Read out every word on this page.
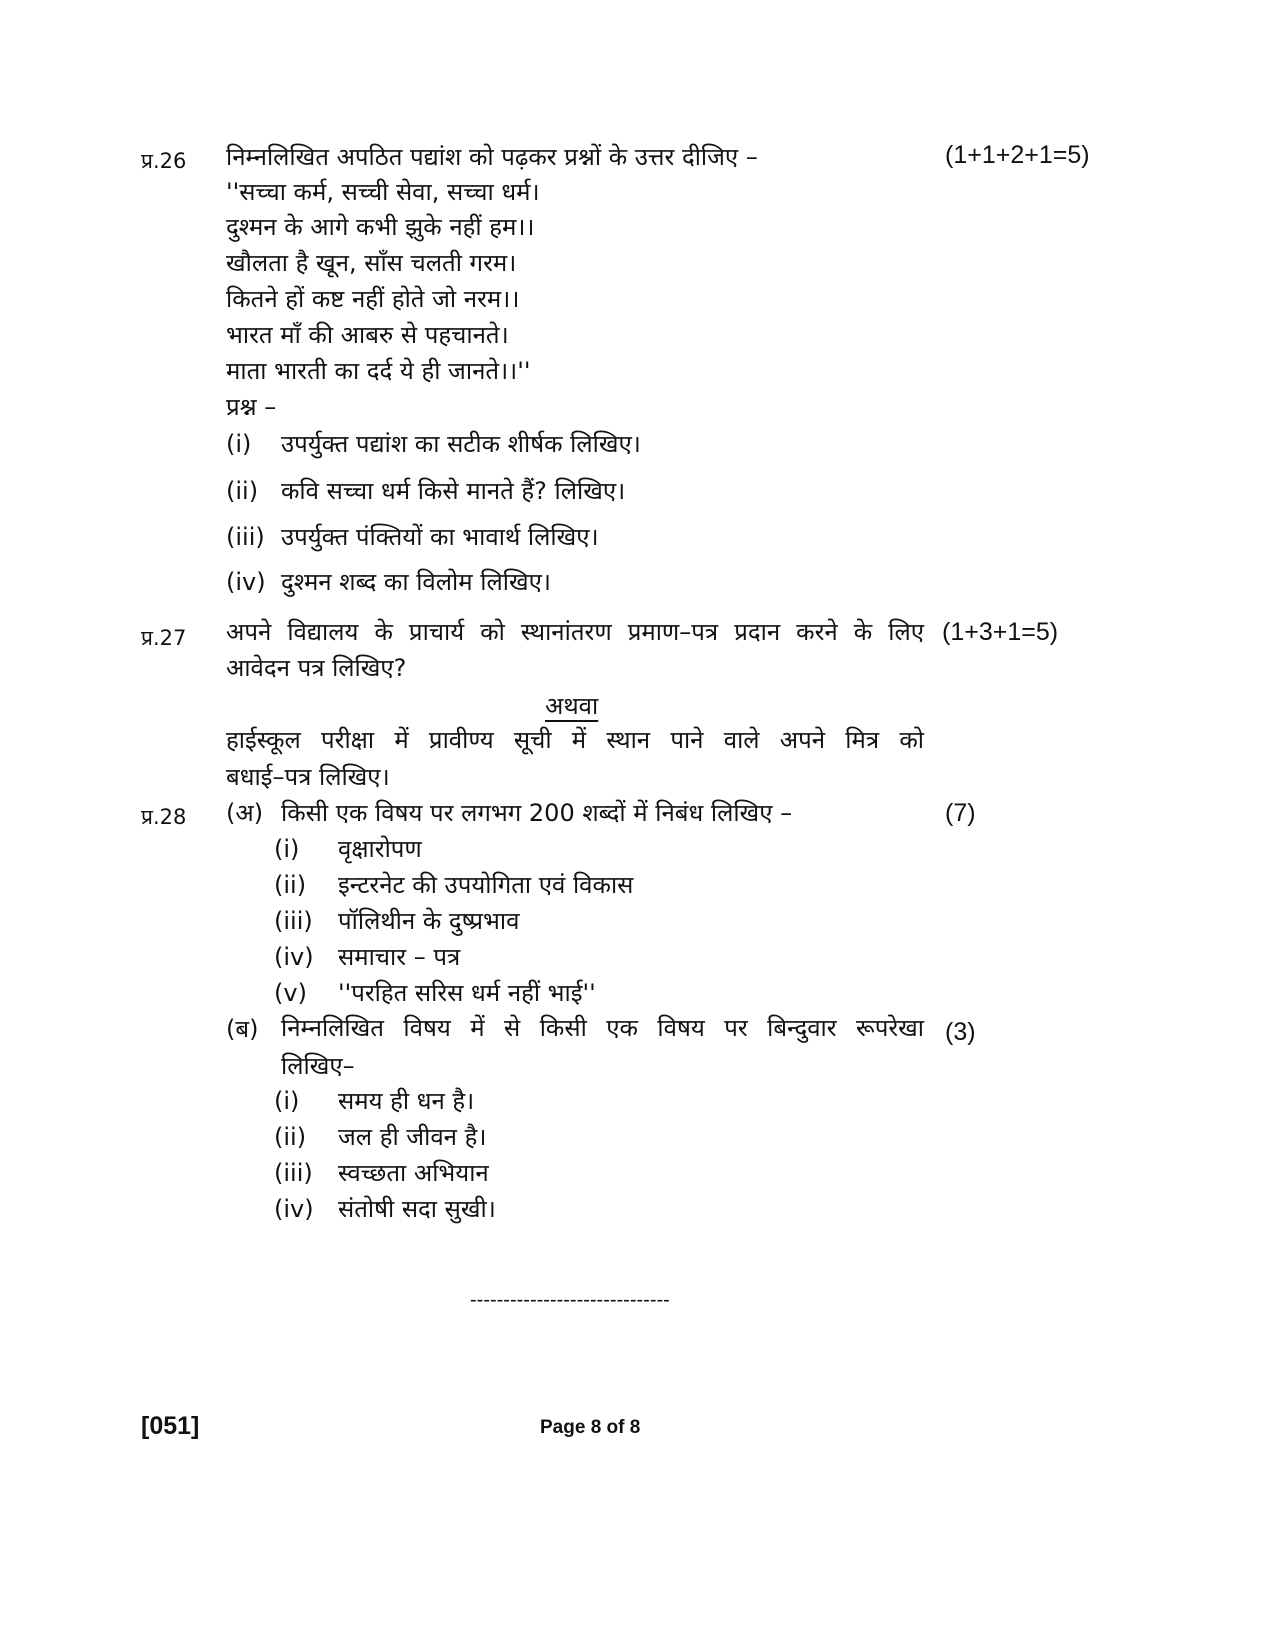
प्र.26 निम्नलिखित अपठित पद्यांश को पढ़कर प्रश्नों के उत्तर दीजिए –	(1+1+2+1=5)
''सच्चा कर्म, सच्ची सेवा, सच्चा धर्म।
दुश्मन के आगे कभी झुके नहीं हम।।
खौलता है खून, साँस चलती गरम।
कितने हों कष्ट नहीं होते जो नरम।।
भारत माँ की आबरु से पहचानते।
माता भारती का दर्द ये ही जानते।।''
प्रश्न –
(i) उपर्युक्त पद्यांश का सटीक शीर्षक लिखिए।
(ii) कवि सच्चा धर्म किसे मानते हैं? लिखिए।
(iii) उपर्युक्त पंक्तियों का भावार्थ लिखिए।
(iv) दुश्मन शब्द का विलोम लिखिए।
प्र.27 अपने विद्यालय के प्राचार्य को स्थानांतरण प्रमाण–पत्र प्रदान करने के लिए
आवेदन पत्र लिखिए?
(1+3+1=5)
अथवा
हाईस्कूल परीक्षा में प्रावीण्य सूची में स्थान पाने वाले अपने मित्र को
बधाई–पत्र लिखिए।
प्र.28 (अ) किसी एक विषय पर लगभग 200 शब्दों में निबंध लिखिए –	(7)
(i) वृक्षारोपण
(ii) इन्टरनेट की उपयोगिता एवं विकास
(iii) पॉलिथीन के दुष्प्रभाव
(iv) समाचार – पत्र
(v) ''परहित सरिस धर्म नहीं भाई''
(ब) निम्नलिखित विषय में से किसी एक विषय पर बिन्दुवार रूपरेखा
लिखिए–
(3)
(i) समय ही धन है।
(ii) जल ही जीवन है।
(iii) स्वच्छता अभियान
(iv) संतोषी सदा सुखी।
------------------------------
[051]	Page 8 of 8
